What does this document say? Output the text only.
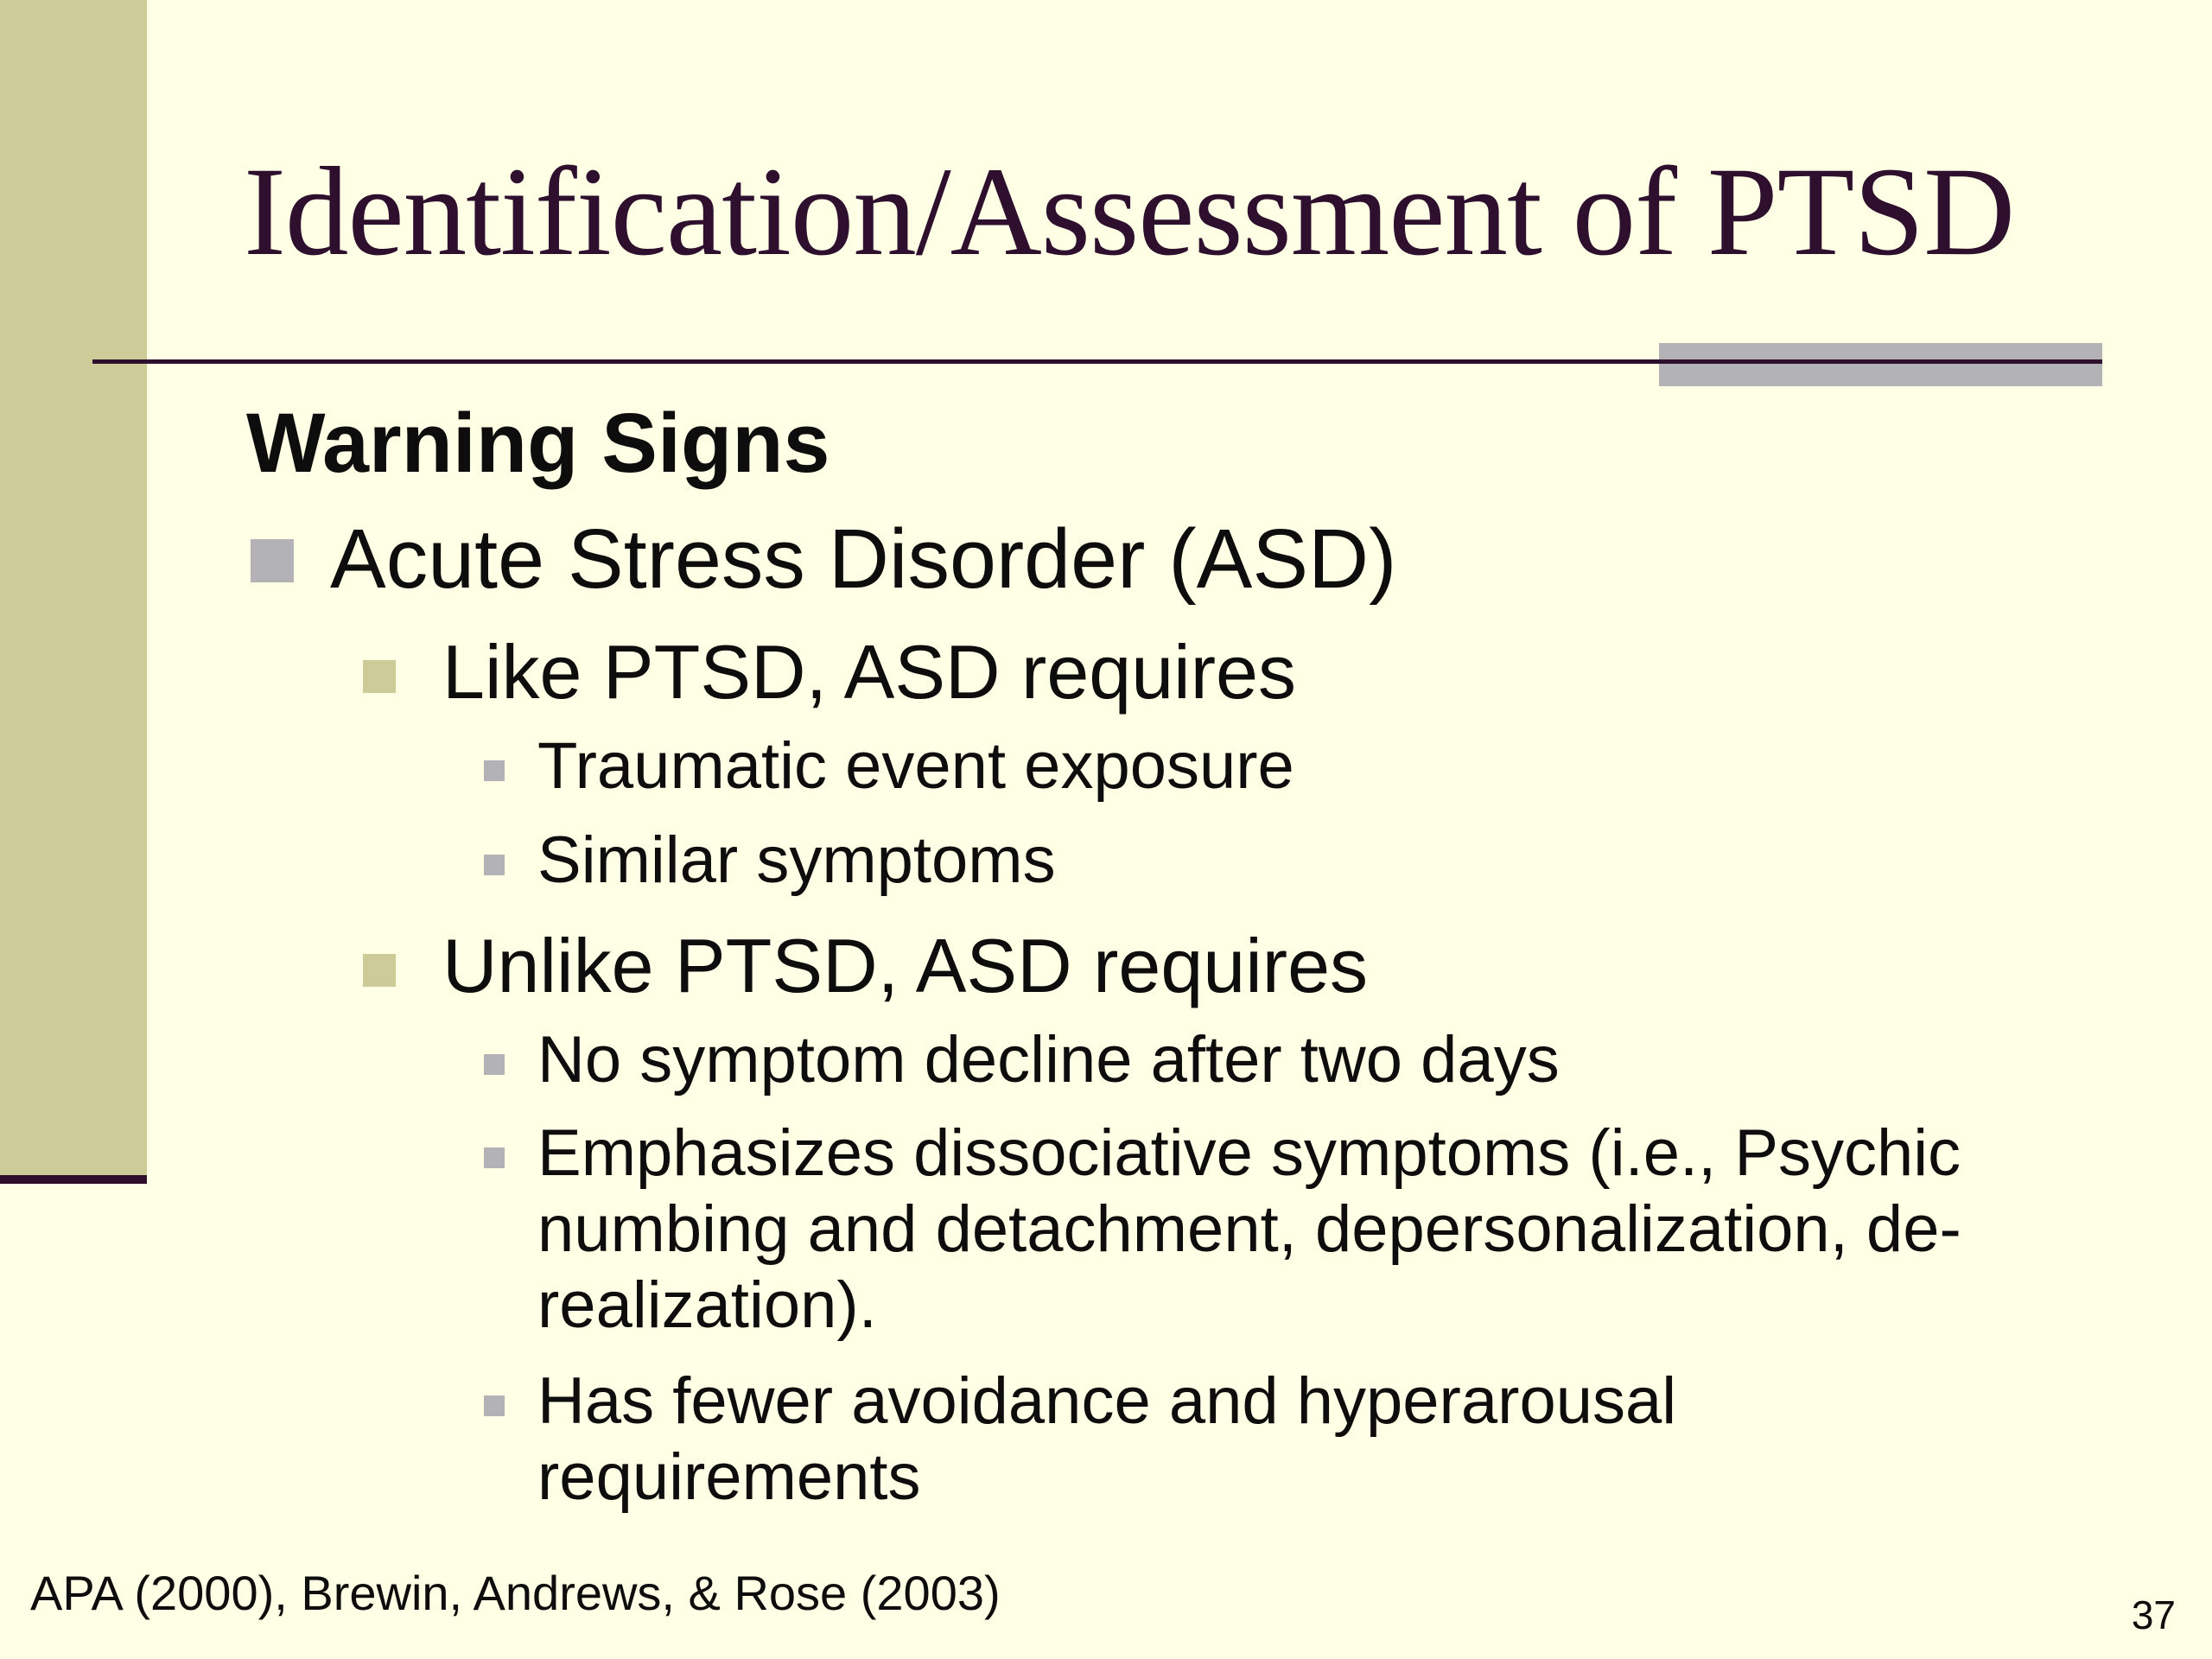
Identification/Assessment of PTSD
Warning Signs
Acute Stress Disorder (ASD)
Like PTSD, ASD requires
Traumatic event exposure
Similar symptoms
Unlike PTSD, ASD requires
No symptom decline after two days
Emphasizes dissociative symptoms (i.e., Psychic
numbing and detachment, depersonalization, de-
realization).
Has fewer avoidance and hyperarousal
requirements
APA (2000), Brewin, Andrews, & Rose (2003)	37
